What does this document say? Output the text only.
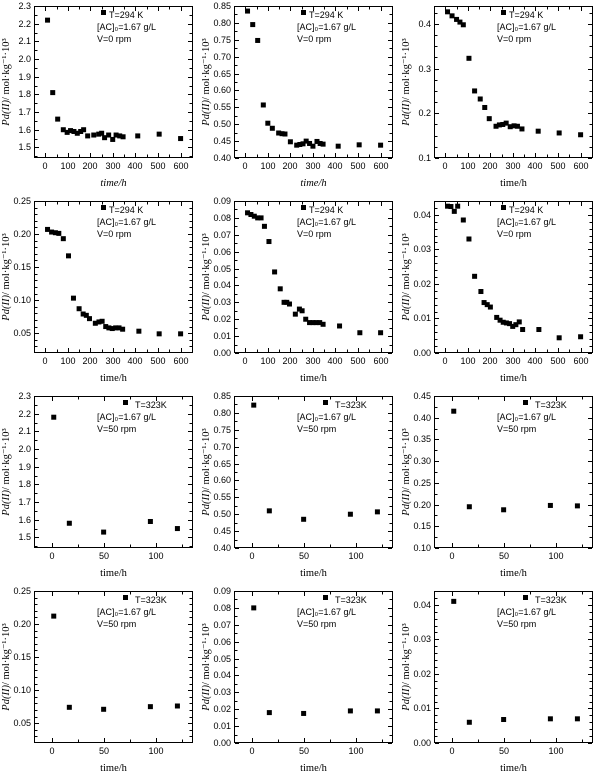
0 100 200 300 400 500 600
1.5
1.6
1.7
1.8
1.9
2.0
2.1
2.2
2.3
T=294 K
[AC]₀=1.67 g/L
V=0 rpm
time/h
Pd(II)/ mol·kg⁻¹·10³
0 100 200 300 400 500 600
0.40
0.45
0.50
0.55
0.60
0.65
0.70
0.75
0.80
0.85
T=294 K
[AC]₀=1.67 g/L
V=0 rpm
time/h
Pd(II)/ mol·kg⁻¹·10³
0 100 200 300 400 500 600
0.1
0.2
0.3
0.4
T=294 K
[AC]₀=1.67 g/L
V=0 rpm
time/h
Pd(II)/ mol·kg⁻¹·10³
0 100 200 300 400 500 600
0.05
0.10
0.15
0.20
0.25
T=294 K
[AC]₀=1.67 g/L
V=0 rpm
time/h
Pd(II)/ mol·kg⁻¹·10³
0 100 200 300 400 500 600
0.00
0.01
0.02
0.03
0.04
0.05
0.06
0.07
0.08
0.09
T=294 K
[AC]₀=1.67 g/L
V=0 rpm
time/h
Pd(II)/ mol·kg⁻¹·10³
0 100 200 300 400 500 600
0.00
0.01
0.02
0.03
0.04	T=294 K
[AC]₀=1.67 g/L
V=0 rpm
time/h
Pd(II)/ mol·kg⁻¹·10³
0	50	100
1.5
1.6
1.7
1.8
1.9
2.0
2.1
2.2
2.3
T=323K
[AC]₀=1.67 g/L
V=50 rpm
time/h
Pd(II)/ mol·kg⁻¹·10³
0	50	100
0.40
0.45
0.50
0.55
0.60
0.65
0.70
0.75
0.80
0.85
T=323K
[AC]₀=1.67 g/L
V=50 rpm
time/h
Pd(II)/ mol·kg⁻¹·10³
0	50	100
0.10
0.15
0.20
0.25
0.30
0.35
0.40
0.45
T=323K
[AC]₀=1.67 g/L
V=50 rpm
time/h
Pd(II)/ mol·kg⁻¹·10³
0	50	100
0.05
0.10
0.15
0.20
0.25
T=323K
[AC]₀=1.67 g/L
V=50 rpm
time/h
Pd(II)/ mol·kg⁻¹·10³
0	50	100
0.00
0.01
0.02
0.03
0.04
0.05
0.06
0.07
0.08
0.09
T=323K
[AC]₀=1.67 g/L
V=50 rpm
time/h
Pd(II)/ mol·kg⁻¹·10³
0	50	100
0.00
0.01
0.02
0.03
0.04	T=323K
[AC]₀=1.67 g/L
V=50 rpm
time/h
Pd(II)/ mol·kg⁻¹·10³
